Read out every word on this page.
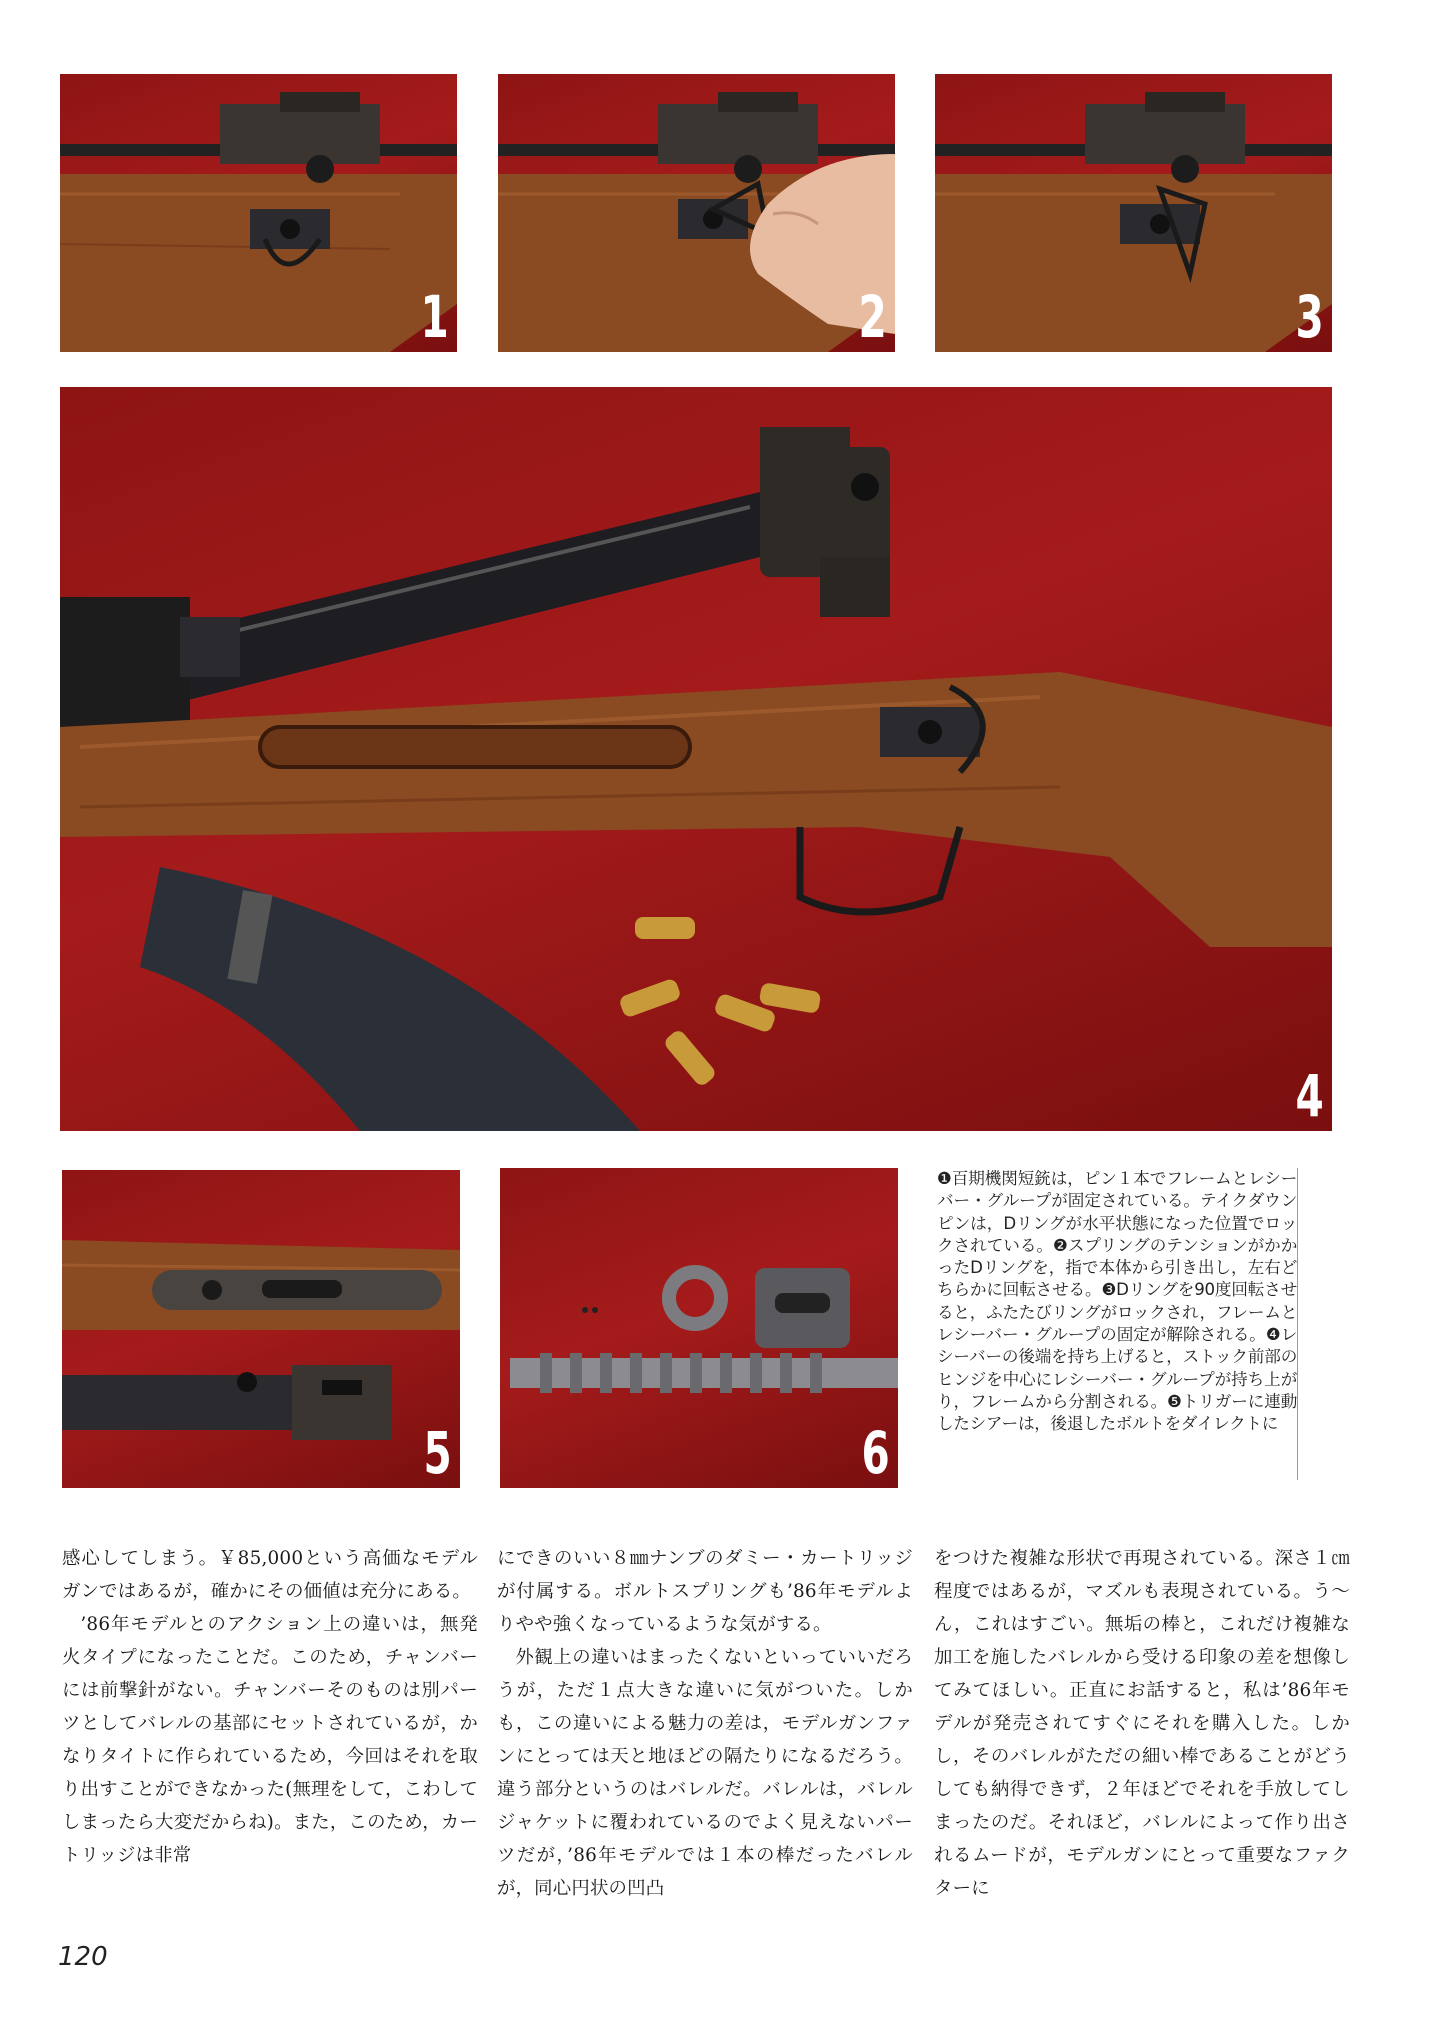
1	2	3
4
5	6
❶百期機関短銃は，ピン１本でフレームとレシーバー・グループが固定されている。テイクダウンピンは，Dリングが水平状態になった位置でロックされている。❷スプリングのテンションがかかったDリングを，指で本体から引き出し，左右どちらかに回転させる。❸Dリングを90度回転させると，ふたたびリングがロックされ，フレームとレシーバー・グループの固定が解除される。❹レシーバーの後端を持ち上げると，ストック前部のヒンジを中心にレシーバー・グループが持ち上がり，フレームから分割される。❺トリガーに連動したシアーは，後退したボルトをダイレクトに

感心してしまう。￥85,000という高価なモデルガンではあるが，確かにその価値は充分にある。

’86年モデルとのアクション上の違いは，無発火タイプになったことだ。このため，チャンバーには前撃針がない。チャンバーそのものは別パーツとしてバレルの基部にセットされているが，かなりタイトに作られているため，今回はそれを取り出すことができなかった(無理をして，こわしてしまったら大変だからね)。また，このため，カートリッジは非常

にできのいい８㎜ナンブのダミー・カートリッジが付属する。ボルトスプリングも’86年モデルよりやや強くなっているような気がする。

外観上の違いはまったくないといっていいだろうが，ただ１点大きな違いに気がついた。しかも，この違いによる魅力の差は，モデルガンファンにとっては天と地ほどの隔たりになるだろう。違う部分というのはバレルだ。バレルは，バレルジャケットに覆われているのでよく見えないパーツだが，’86年モデルでは１本の棒だったバレルが，同心円状の凹凸

をつけた複雑な形状で再現されている。深さ１㎝程度ではあるが，マズルも表現されている。う～ん，これはすごい。無垢の棒と，これだけ複雑な加工を施したバレルから受ける印象の差を想像してみてほしい。正直にお話すると，私は’86年モデルが発売されてすぐにそれを購入した。しかし，そのバレルがただの細い棒であることがどうしても納得できず，２年ほどでそれを手放してしまったのだ。それほど，バレルによって作り出されるムードが，モデルガンにとって重要なファクターに

120
